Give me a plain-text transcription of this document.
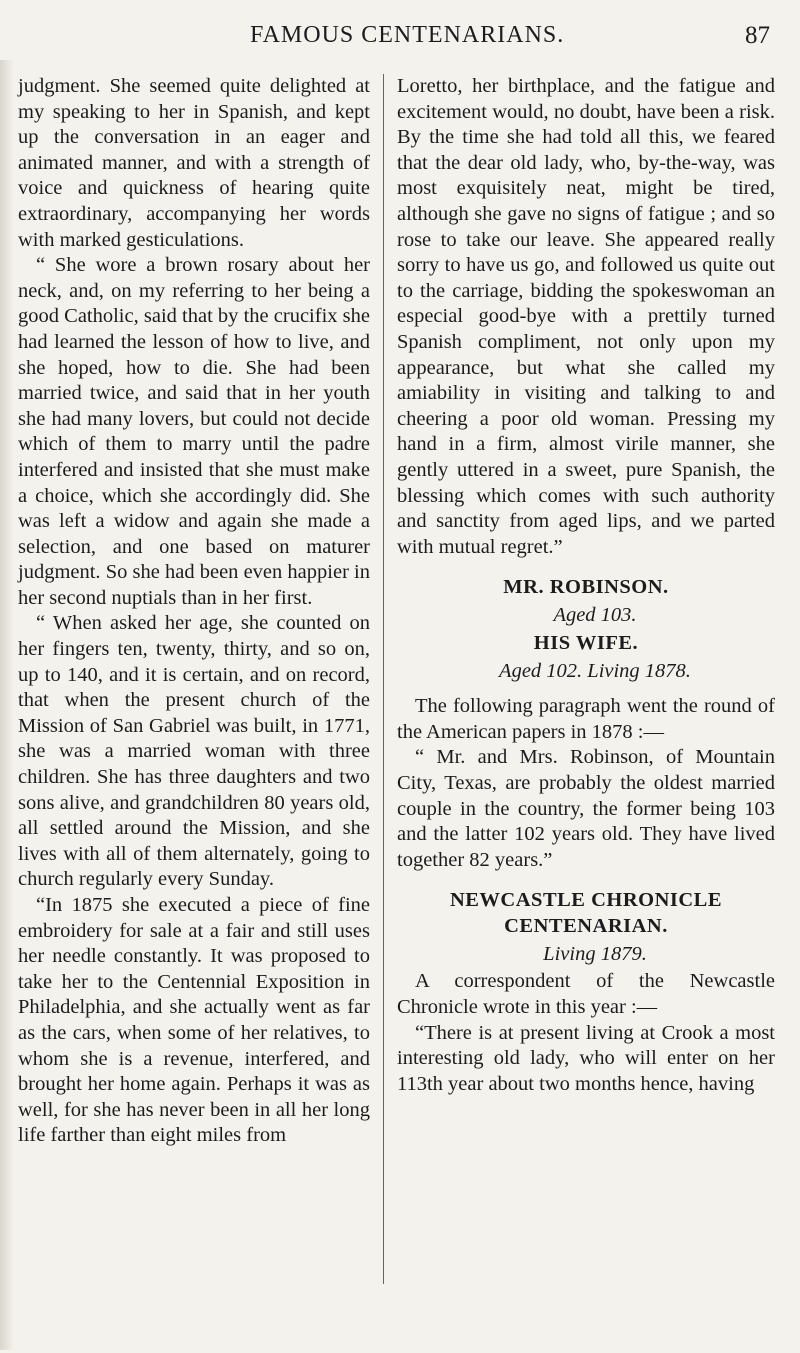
FAMOUS CENTENARIANS.	87

judgment. She seemed quite delighted at my speaking to her in Spanish, and kept up the conversation in an eager and animated manner, and with a strength of voice and quickness of hearing quite extraordinary, accompanying her words with marked gesticulations.

“ She wore a brown rosary about her neck, and, on my referring to her being a good Catholic, said that by the crucifix she had learned the lesson of how to live, and she hoped, how to die. She had been married twice, and said that in her youth she had many lovers, but could not decide which of them to marry until the padre interfered and insisted that she must make a choice, which she accordingly did. She was left a widow and again she made a selection, and one based on maturer judgment. So she had been even happier in her second nuptials than in her first.

“ When asked her age, she counted on her fingers ten, twenty, thirty, and so on, up to 140, and it is certain, and on record, that when the present church of the Mission of San Gabriel was built, in 1771, she was a married woman with three children. She has three daughters and two sons alive, and grandchildren 80 years old, all settled around the Mission, and she lives with all of them alternately, going to church regularly every Sunday.

“In 1875 she executed a piece of fine embroidery for sale at a fair and still uses her needle constantly. It was proposed to take her to the Centennial Exposition in Philadelphia, and she actually went as far as the cars, when some of her relatives, to whom she is a revenue, interfered, and brought her home again. Perhaps it was as well, for she has never been in all her long life farther than eight miles from

Loretto, her birthplace, and the fatigue and excitement would, no doubt, have been a risk. By the time she had told all this, we feared that the dear old lady, who, by-the-way, was most exquisitely neat, might be tired, although she gave no signs of fatigue ; and so rose to take our leave. She appeared really sorry to have us go, and followed us quite out to the carriage, bidding the spokeswoman an especial good-bye with a prettily turned Spanish compliment, not only upon my appearance, but what she called my amiability in visiting and talking to and cheering a poor old woman. Pressing my hand in a firm, almost virile manner, she gently uttered in a sweet, pure Spanish, the blessing which comes with such authority and sanctity from aged lips, and we parted with mutual regret.”

MR. ROBINSON.

Aged 103.

HIS WIFE.

Aged 102. Living 1878.

The following paragraph went the round of the American papers in 1878 :—

“ Mr. and Mrs. Robinson, of Mountain City, Texas, are probably the oldest married couple in the country, the former being 103 and the latter 102 years old. They have lived together 82 years.”

NEWCASTLE CHRONICLE CENTENARIAN.

Living 1879.

A correspondent of the Newcastle Chronicle wrote in this year :—

“There is at present living at Crook a most interesting old lady, who will enter on her 113th year about two months hence, having
